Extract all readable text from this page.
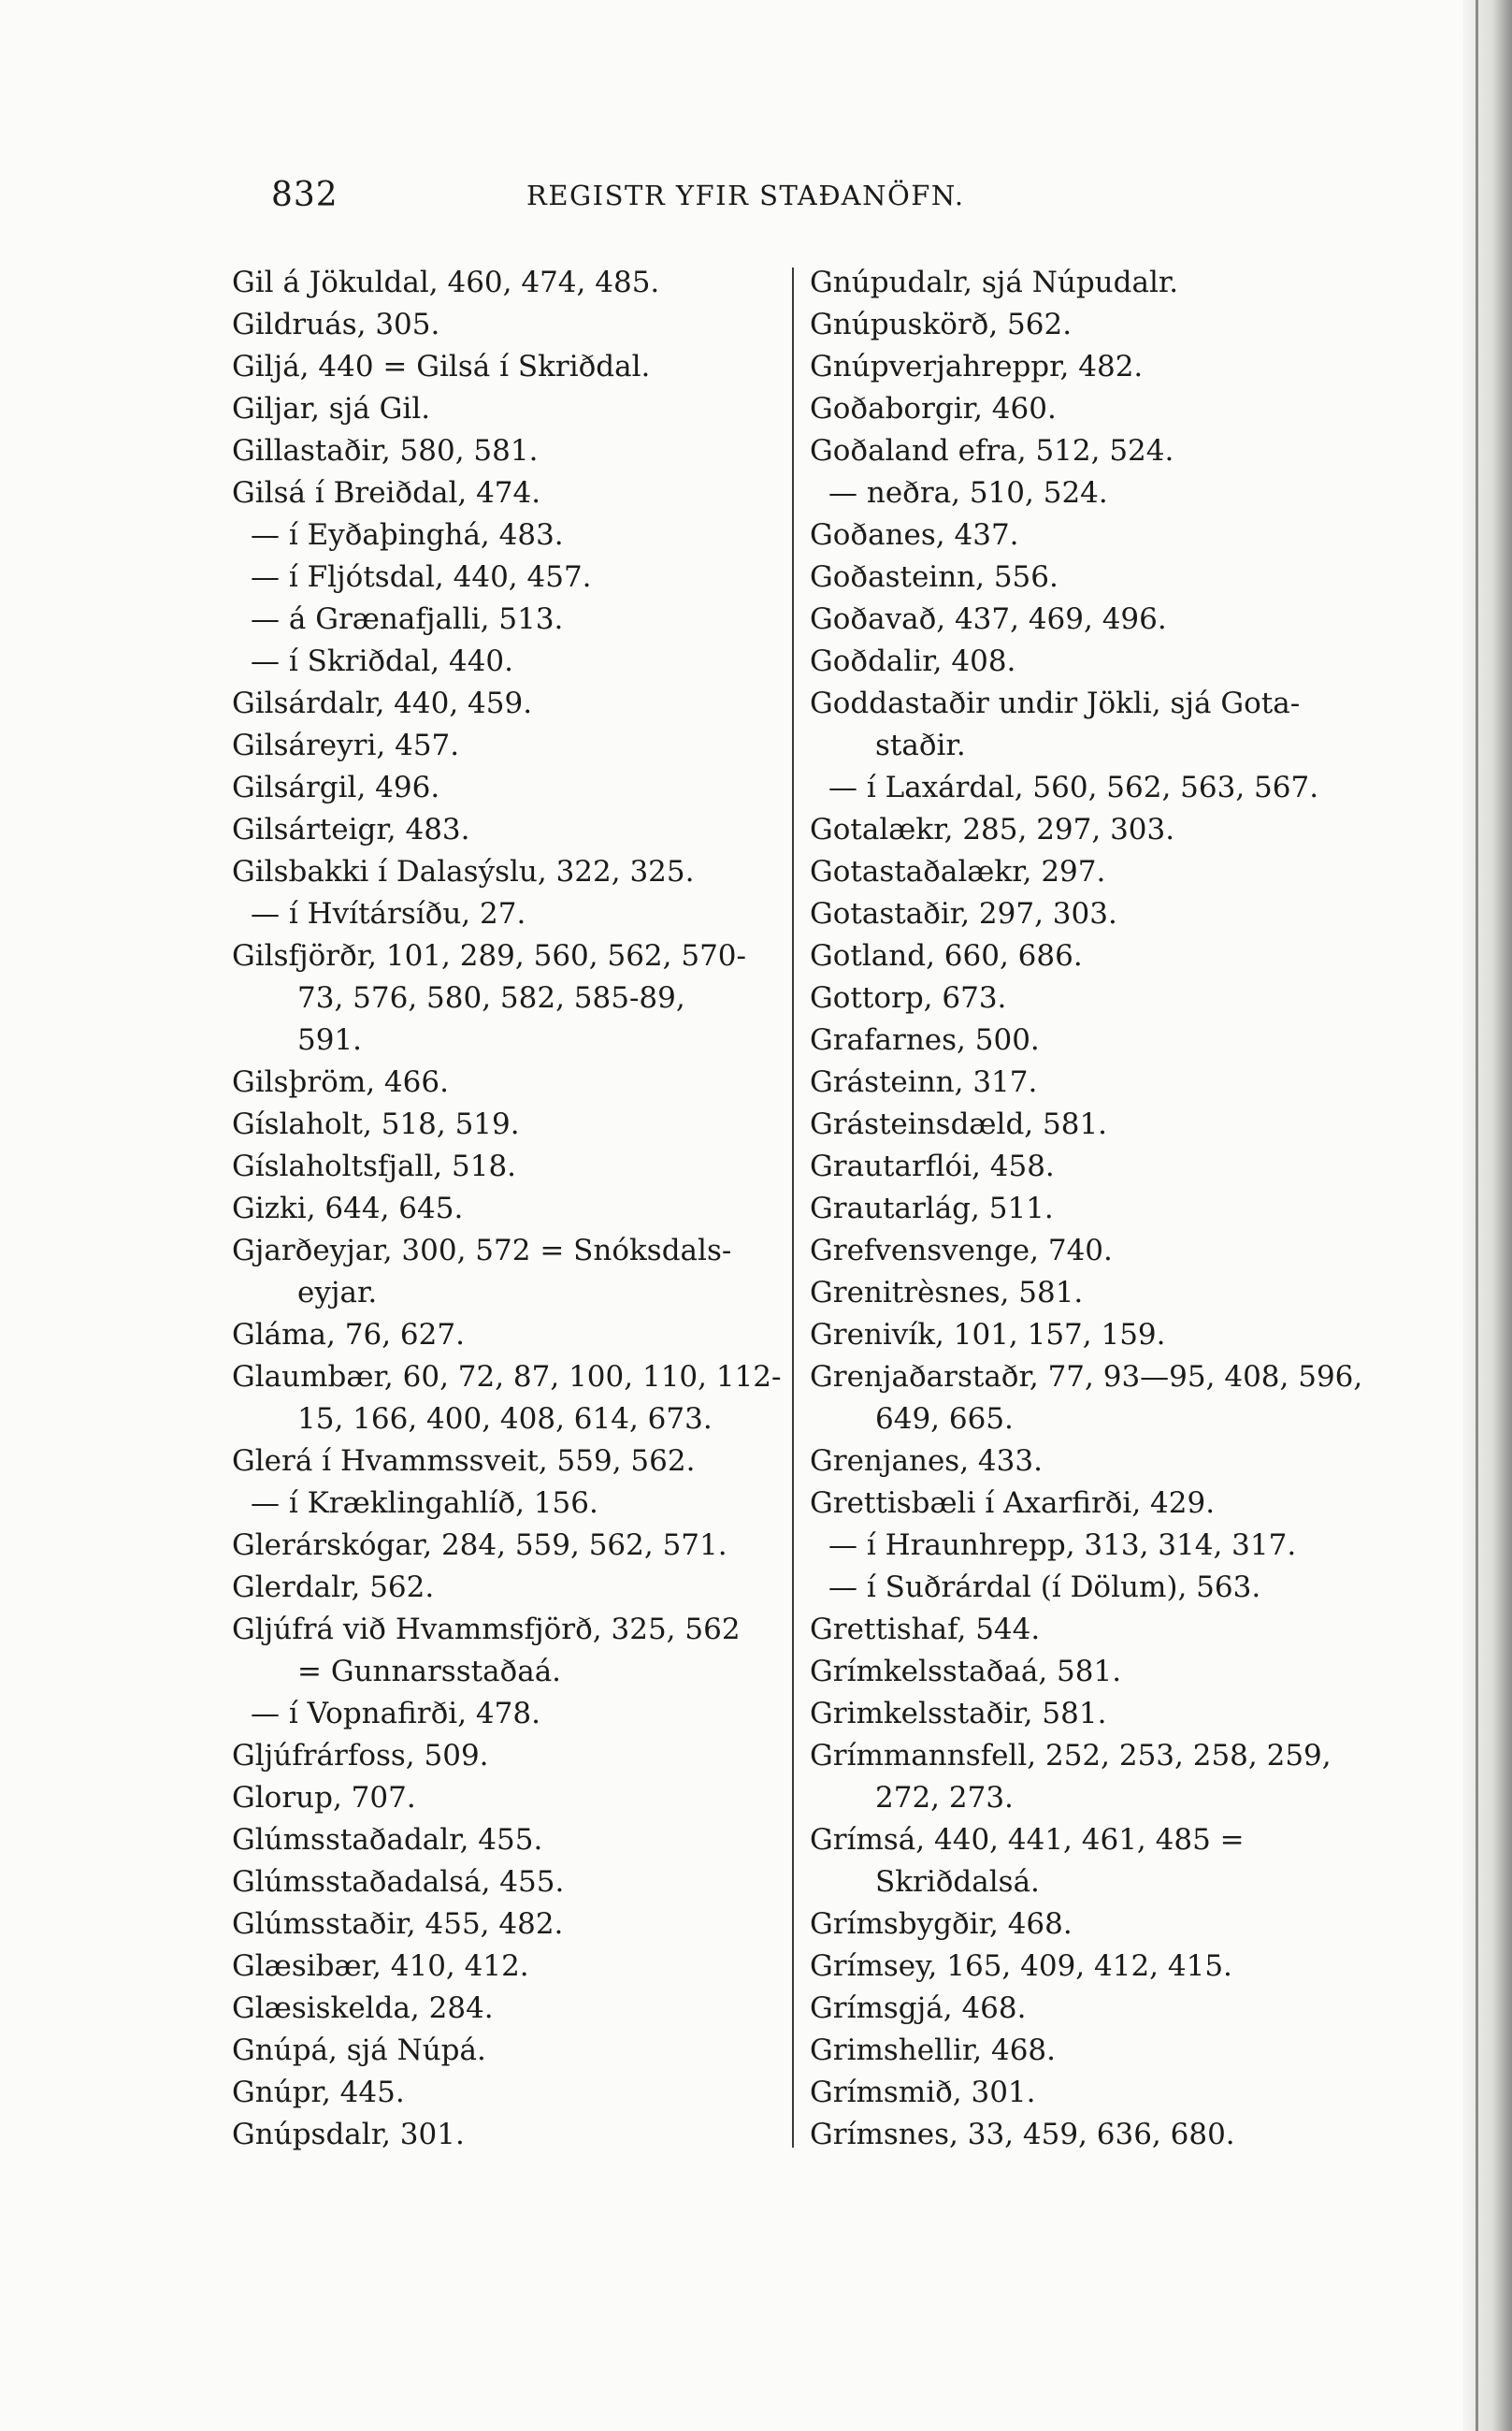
832	REGISTR YFIR STAÐANÖFN.
Gil á Jökuldal, 460, 474, 485.
Gildruás, 305.
Giljá, 440 = Gilsá í Skriðdal.
Giljar, sjá Gil.
Gillastaðir, 580, 581.
Gilsá í Breiðdal, 474.
— í Eyðaþinghá, 483.
— í Fljótsdal, 440, 457.
— á Grænafjalli, 513.
— í Skriðdal, 440.
Gilsárdalr, 440, 459.
Gilsáreyri, 457.
Gilsárgil, 496.
Gilsárteigr, 483.
Gilsbakki í Dalasýslu, 322, 325.
— í Hvítársíðu, 27.
Gilsfjörðr, 101, 289, 560, 562, 570-
73, 576, 580, 582, 585-89,
591.
Gilsþröm, 466.
Gíslaholt, 518, 519.
Gíslaholtsfjall, 518.
Gizki, 644, 645.
Gjarðeyjar, 300, 572 = Snóksdals-
eyjar.
Gláma, 76, 627.
Glaumbær, 60, 72, 87, 100, 110, 112-
15, 166, 400, 408, 614, 673.
Glerá í Hvammssveit, 559, 562.
— í Kræklingahlíð, 156.
Glerárskógar, 284, 559, 562, 571.
Glerdalr, 562.
Gljúfrá við Hvammsfjörð, 325, 562
= Gunnarsstaðaá.
— í Vopnafirði, 478.
Gljúfrárfoss, 509.
Glorup, 707.
Glúmsstaðadalr, 455.
Glúmsstaðadalsá, 455.
Glúmsstaðir, 455, 482.
Glæsibær, 410, 412.
Glæsiskelda, 284.
Gnúpá, sjá Núpá.
Gnúpr, 445.
Gnúpsdalr, 301.
Gnúpudalr, sjá Núpudalr.
Gnúpuskörð, 562.
Gnúpverjahreppr, 482.
Goðaborgir, 460.
Goðaland efra, 512, 524.
— neðra, 510, 524.
Goðanes, 437.
Goðasteinn, 556.
Goðavað, 437, 469, 496.
Goðdalir, 408.
Goddastaðir undir Jökli, sjá Gota-
staðir.
— í Laxárdal, 560, 562, 563, 567.
Gotalækr, 285, 297, 303.
Gotastaðalækr, 297.
Gotastaðir, 297, 303.
Gotland, 660, 686.
Gottorp, 673.
Grafarnes, 500.
Grásteinn, 317.
Grásteinsdæld, 581.
Grautarflói, 458.
Grautarlág, 511.
Grefvensvenge, 740.
Grenitrèsnes, 581.
Grenivík, 101, 157, 159.
Grenjaðarstaðr, 77, 93—95, 408, 596,
649, 665.
Grenjanes, 433.
Grettisbæli í Axarfirði, 429.
— í Hraunhrepp, 313, 314, 317.
— í Suðrárdal (í Dölum), 563.
Grettishaf, 544.
Grímkelsstaðaá, 581.
Grimkelsstaðir, 581.
Grímmannsfell, 252, 253, 258, 259,
272, 273.
Grímsá, 440, 441, 461, 485 =
Skriðdalsá.
Grímsbygðir, 468.
Grímsey, 165, 409, 412, 415.
Grímsgjá, 468.
Grimshellir, 468.
Grímsmið, 301.
Grímsnes, 33, 459, 636, 680.
